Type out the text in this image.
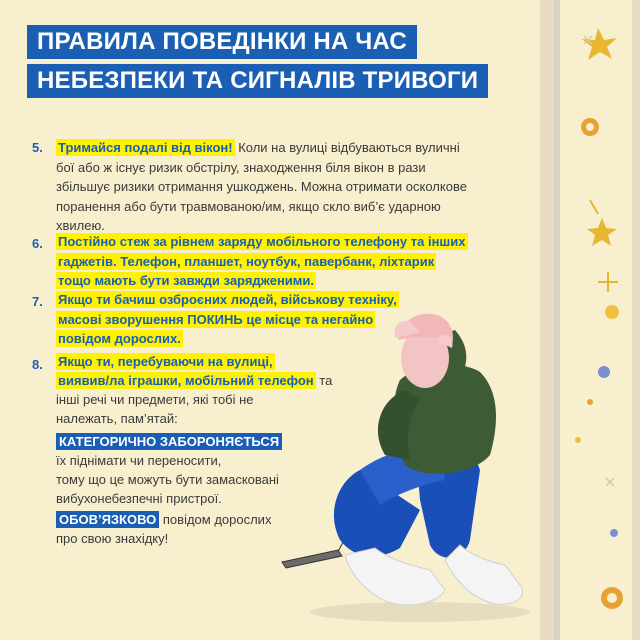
ПРАВИЛА ПОВЕДІНКИ НА ЧАС
НЕБЕЗПЕКИ ТА СИГНАЛІВ ТРИВОГИ
5. Тримайся подалі від вікон! Коли на вулиці відбуваються вуличні бої або ж існує ризик обстрілу, знаходження біля вікон в рази збільшує ризики отримання ушкоджень. Можна отримати осколкове поранення або бути травмованою/им, якщо скло виб’є ударною хвилею.
6. Постійно стеж за рівнем заряду мобільного телефону та інших гаджетів. Телефон, планшет, ноутбук, павербанк, ліхтарик тощо мають бути завжди зарядженими.
7. Якщо ти бачиш озброєних людей, військову техніку, масові зворушення ПОКИНЬ це місце та негайно повідом дорослих.
8. Якщо ти, перебуваючи на вулиці,
виявив/ла іграшки, мобільний телефон та
інші речі чи предмети, які тобі не
належать, пам’ятай:
КАТЕГОРИЧНО ЗАБОРОНЯЄТЬСЯ
їх піднімати чи переносити,
тому що це можуть бути замасковані
вибухонебезпечні пристрої.
ОБОВ’ЯЗКОВО повідом дорослих
про свою знахідку!
